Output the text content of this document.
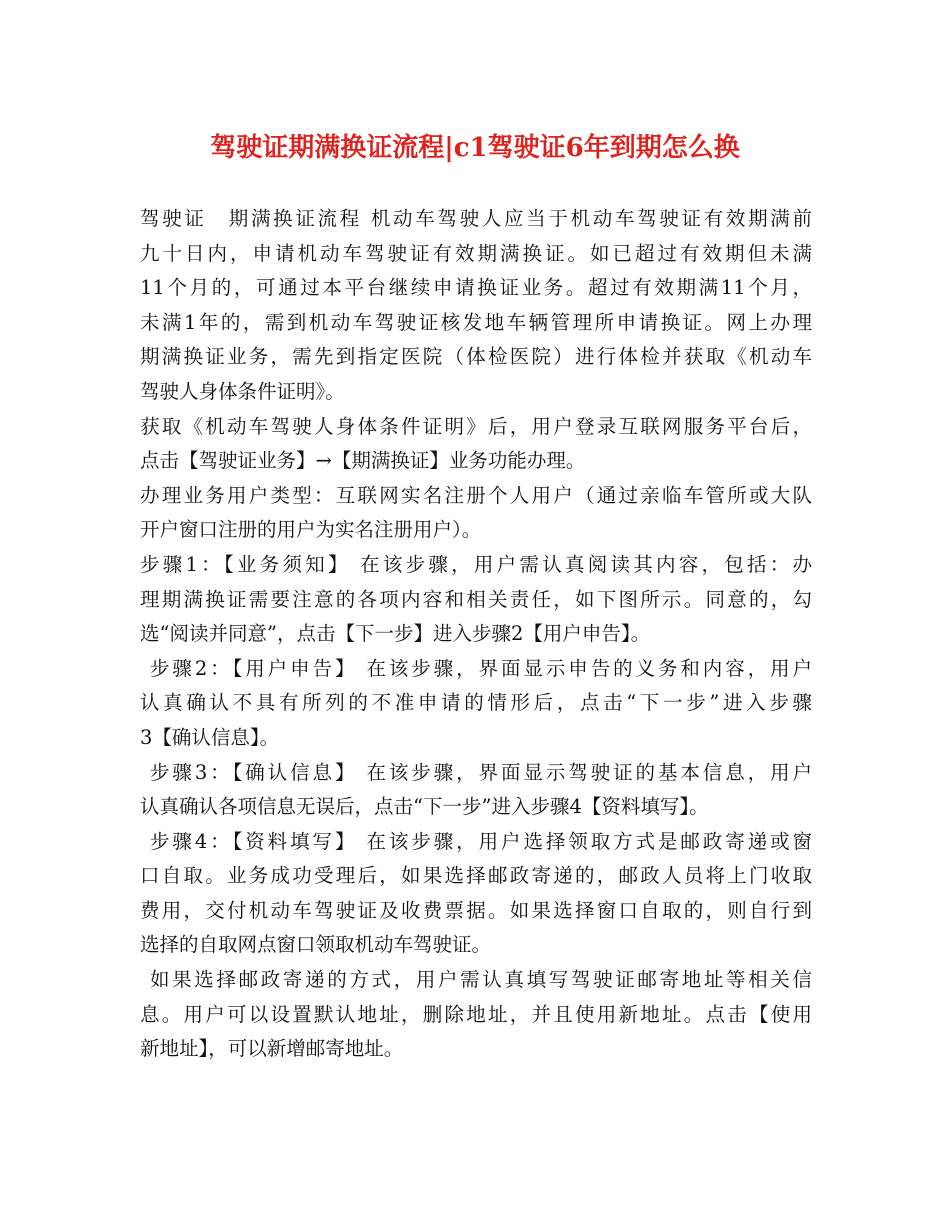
驾驶证期满换证流程|c1驾驶证6年到期怎么换
驾驶证　期满换证流程 机动车驾驶人应当于机动车驾驶证有效期满前
九十日内，申请机动车驾驶证有效期满换证。如已超过有效期但未满
11个月的，可通过本平台继续申请换证业务。超过有效期满11个月，
未满1年的，需到机动车驾驶证核发地车辆管理所申请换证。网上办理
期满换证业务，需先到指定医院（体检医院）进行体检并获取《机动车
驾驶人身体条件证明》。
获取《机动车驾驶人身体条件证明》后，用户登录互联网服务平台后，
点击【驾驶证业务】→【期满换证】业务功能办理。
办理业务用户类型：互联网实名注册个人用户（通过亲临车管所或大队
开户窗口注册的用户为实名注册用户）。
步骤1：【业务须知】 在该步骤，用户需认真阅读其内容，包括：办
理期满换证需要注意的各项内容和相关责任，如下图所示。同意的，勾
选“阅读并同意”，点击【下一步】进入步骤2【用户申告】。
步骤2：【用户申告】 在该步骤，界面显示申告的义务和内容，用户
认真确认不具有所列的不准申请的情形后，点击“下一步”进入步骤
3【确认信息】。
步骤3：【确认信息】 在该步骤，界面显示驾驶证的基本信息，用户
认真确认各项信息无误后，点击“下一步”进入步骤4【资料填写】。
步骤4：【资料填写】 在该步骤，用户选择领取方式是邮政寄递或窗
口自取。业务成功受理后，如果选择邮政寄递的，邮政人员将上门收取
费用，交付机动车驾驶证及收费票据。如果选择窗口自取的，则自行到
选择的自取网点窗口领取机动车驾驶证。
如果选择邮政寄递的方式，用户需认真填写驾驶证邮寄地址等相关信
息。用户可以设置默认地址，删除地址，并且使用新地址。点击【使用
新地址】，可以新增邮寄地址。
